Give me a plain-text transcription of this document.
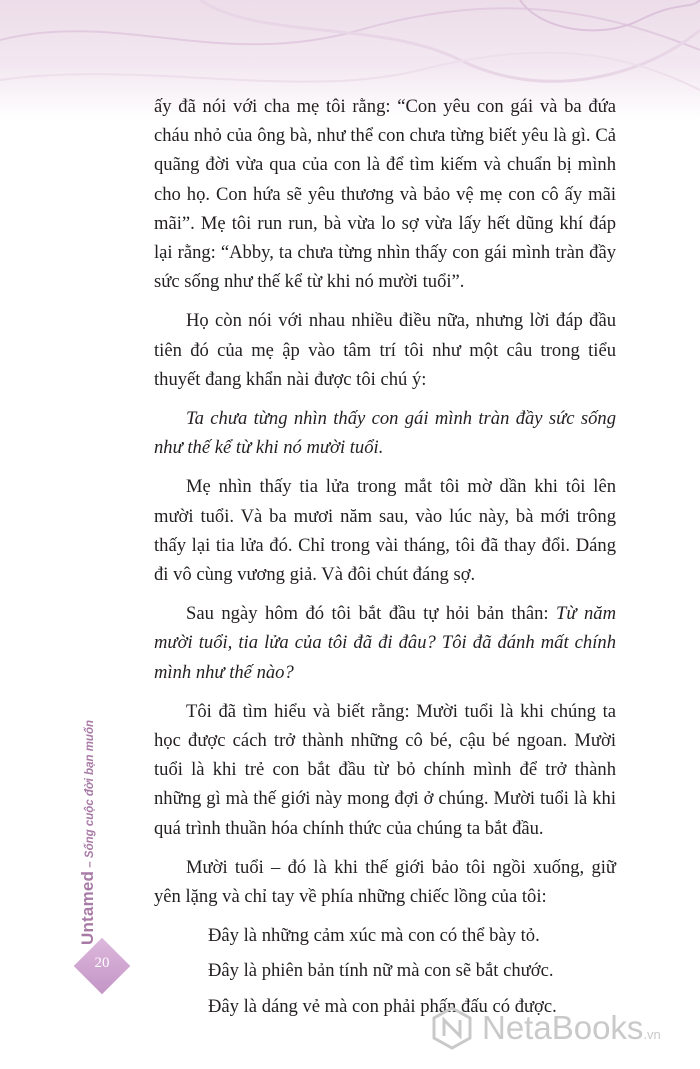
ấy đã nói với cha mẹ tôi rằng: “Con yêu con gái và ba đứa cháu nhỏ của ông bà, như thể con chưa từng biết yêu là gì. Cả quãng đời vừa qua của con là để tìm kiếm và chuẩn bị mình cho họ. Con hứa sẽ yêu thương và bảo vệ mẹ con cô ấy mãi mãi”. Mẹ tôi run run, bà vừa lo sợ vừa lấy hết dũng khí đáp lại rằng: “Abby, ta chưa từng nhìn thấy con gái mình tràn đầy sức sống như thế kể từ khi nó mười tuổi”.

Họ còn nói với nhau nhiều điều nữa, nhưng lời đáp đầu tiên đó của mẹ ập vào tâm trí tôi như một câu trong tiểu thuyết đang khẩn nài được tôi chú ý:

Ta chưa từng nhìn thấy con gái mình tràn đầy sức sống như thế kể từ khi nó mười tuổi.

Mẹ nhìn thấy tia lửa trong mắt tôi mờ dần khi tôi lên mười tuổi. Và ba mươi năm sau, vào lúc này, bà mới trông thấy lại tia lửa đó. Chỉ trong vài tháng, tôi đã thay đổi. Dáng đi vô cùng vương giả. Và đôi chút đáng sợ.

Sau ngày hôm đó tôi bắt đầu tự hỏi bản thân: Từ năm mười tuổi, tia lửa của tôi đã đi đâu? Tôi đã đánh mất chính mình như thế nào?

Tôi đã tìm hiểu và biết rằng: Mười tuổi là khi chúng ta học được cách trở thành những cô bé, cậu bé ngoan. Mười tuổi là khi trẻ con bắt đầu từ bỏ chính mình để trở thành những gì mà thế giới này mong đợi ở chúng. Mười tuổi là khi quá trình thuần hóa chính thức của chúng ta bắt đầu.

Mười tuổi – đó là khi thế giới bảo tôi ngồi xuống, giữ yên lặng và chỉ tay về phía những chiếc lồng của tôi:

Đây là những cảm xúc mà con có thể bày tỏ.

Đây là phiên bản tính nữ mà con sẽ bắt chước.

Đây là dáng vẻ mà con phải phấn đấu có được.

Untamed – Sống cuộc đời bạn muốn
20
NetaBooks.vn
